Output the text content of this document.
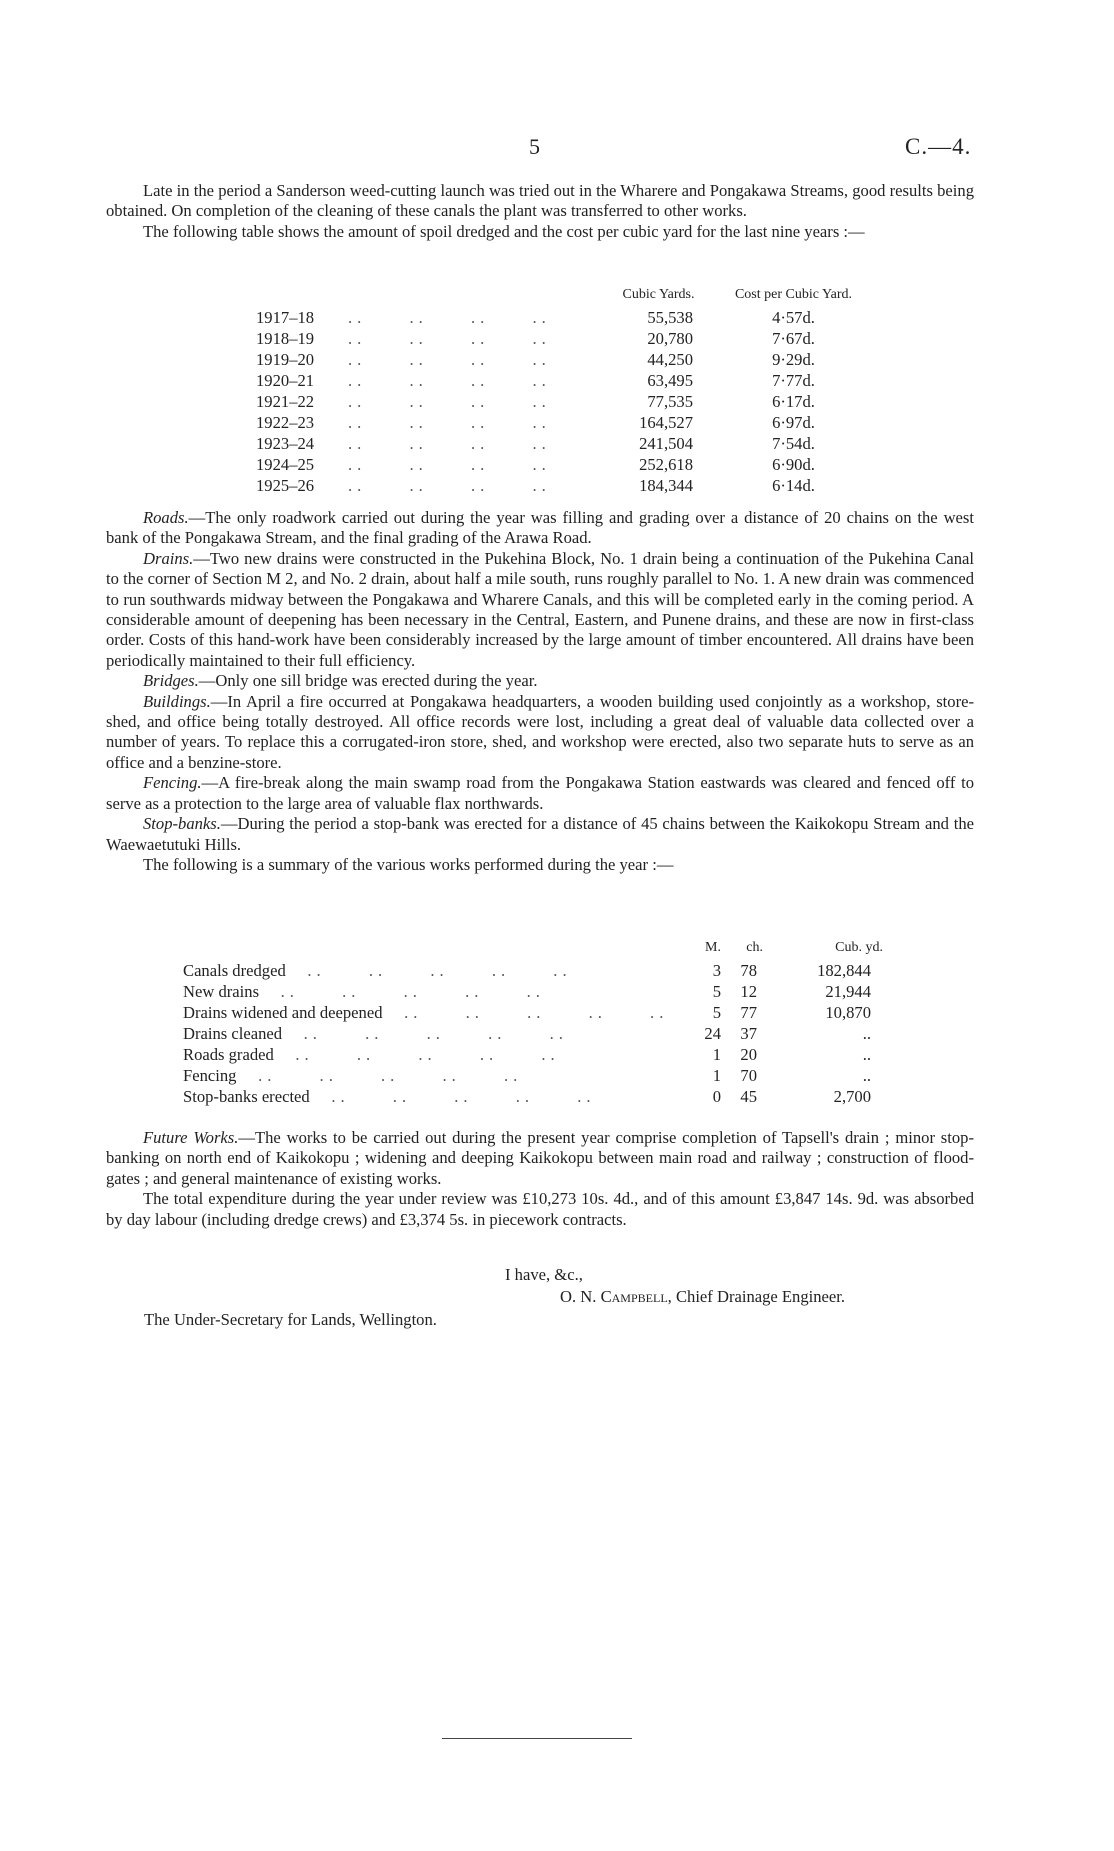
5	C.—4.

Late in the period a Sanderson weed-cutting launch was tried out in the Wharere and Pongakawa Streams, good results being obtained. On completion of the cleaning of these canals the plant was transferred to other works.

The following table shows the amount of spoil dredged and the cost per cubic yard for the last nine years :—

		Cubic Yards.	Cost per Cubic Yard.
1917–18	..  ..  ..  ..	55,538	4·57d.
1918–19	..  ..  ..  ..	20,780	7·67d.
1919–20	..  ..  ..  ..	44,250	9·29d.
1920–21	..  ..  ..  ..	63,495	7·77d.
1921–22	..  ..  ..  ..	77,535	6·17d.
1922–23	..  ..  ..  ..	164,527	6·97d.
1923–24	..  ..  ..  ..	241,504	7·54d.
1924–25	..  ..  ..  ..	252,618	6·90d.
1925–26	..  ..  ..  ..	184,344	6·14d.

Roads.—The only roadwork carried out during the year was filling and grading over a distance of 20 chains on the west bank of the Pongakawa Stream, and the final grading of the Arawa Road.

Drains.—Two new drains were constructed in the Pukehina Block, No. 1 drain being a continuation of the Pukehina Canal to the corner of Section M 2, and No. 2 drain, about half a mile south, runs roughly parallel to No. 1. A new drain was commenced to run southwards midway between the Pongakawa and Wharere Canals, and this will be completed early in the coming period. A considerable amount of deepening has been necessary in the Central, Eastern, and Punene drains, and these are now in first-class order. Costs of this hand-work have been considerably increased by the large amount of timber encountered. All drains have been periodically maintained to their full efficiency.

Bridges.—Only one sill bridge was erected during the year.

Buildings.—In April a fire occurred at Pongakawa headquarters, a wooden building used conjointly as a workshop, store-shed, and office being totally destroyed. All office records were lost, including a great deal of valuable data collected over a number of years. To replace this a corrugated-iron store, shed, and workshop were erected, also two separate huts to serve as an office and a benzine-store.

Fencing.—A fire-break along the main swamp road from the Pongakawa Station eastwards was cleared and fenced off to serve as a protection to the large area of valuable flax northwards.

Stop-banks.—During the period a stop-bank was erected for a distance of 45 chains between the Kaikokopu Stream and the Waewaetutuki Hills.

The following is a summary of the various works performed during the year :—

	M.	ch.	Cub. yd.
Canals dredged ..  ..  ..  ..  ..	3	78	182,844
New drains ..  ..  ..  ..  ..	5	12	21,944
Drains widened and deepened ..  ..  ..  ..  ..	5	77	10,870
Drains cleaned ..  ..  ..  ..  ..	24	37	..
Roads graded ..  ..  ..  ..  ..	1	20	..
Fencing ..  ..  ..  ..  ..	1	70	..
Stop-banks erected ..  ..  ..  ..  ..	0	45	2,700

Future Works.—The works to be carried out during the present year comprise completion of Tapsell's drain ; minor stop-banking on north end of Kaikokopu ; widening and deeping Kaikokopu between main road and railway ; construction of flood-gates ; and general maintenance of existing works.

The total expenditure during the year under review was £10,273 10s. 4d., and of this amount £3,847 14s. 9d. was absorbed by day labour (including dredge crews) and £3,374 5s. in piecework contracts.

I have, &c.,
O. N. Campbell, Chief Drainage Engineer.
The Under-Secretary for Lands, Wellington.
